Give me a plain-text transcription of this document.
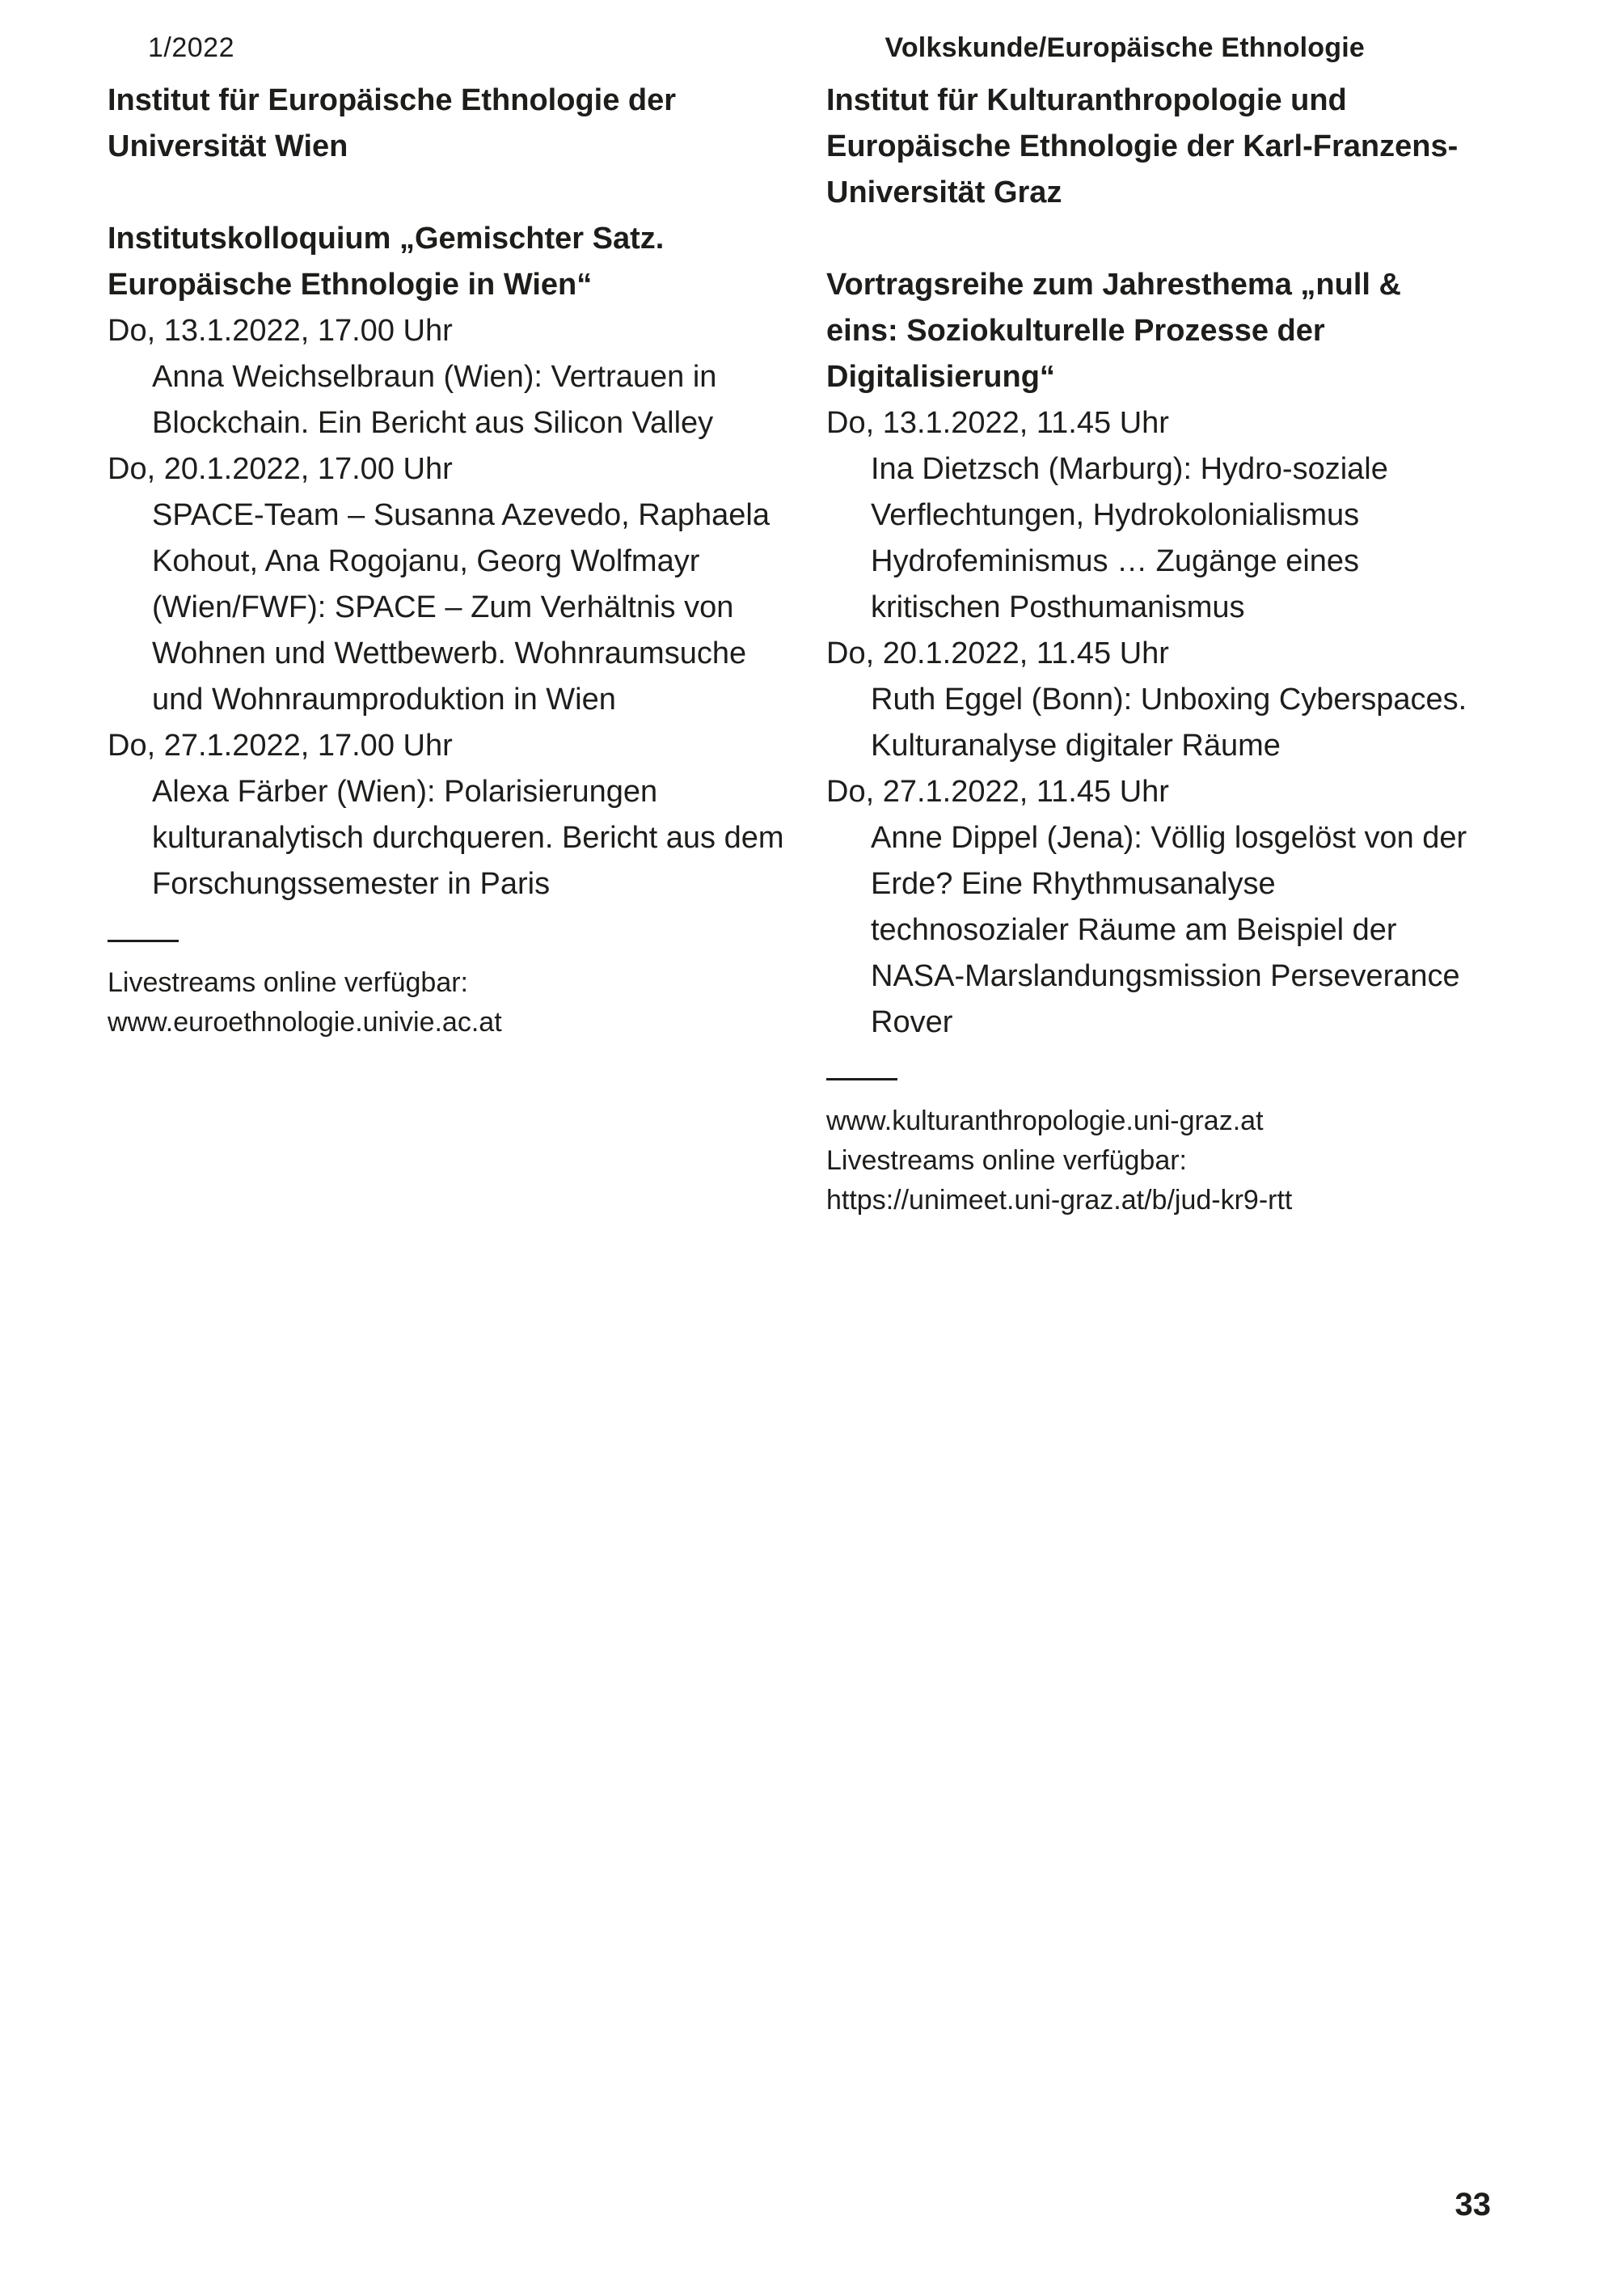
1/2022	Volkskunde/Europäische Ethnologie
Institut für Europäische Ethnologie der Universität Wien
Institutskolloquium „Gemischter Satz. Europäische Ethnologie in Wien“

Do, 13.1.2022, 17.00 Uhr

Anna Weichselbraun (Wien): Vertrauen in Blockchain. Ein Bericht aus Silicon Valley

Do, 20.1.2022, 17.00 Uhr

SPACE-Team – Susanna Azevedo, Raphaela Kohout, Ana Rogojanu, Georg Wolfmayr (Wien/FWF): SPACE – Zum Verhältnis von Wohnen und Wettbewerb. Wohnraumsuche und Wohnraumproduktion in Wien

Do, 27.1.2022, 17.00 Uhr

Alexa Färber (Wien): Polarisierungen kulturanalytisch durchqueren. Bericht aus dem Forschungssemester in Paris

Livestreams online verfügbar:

www.euroethnologie.univie.ac.at

Institut für Kulturanthropologie und Europäische Ethnologie der Karl-Franzens-Universität Graz
Vortragsreihe zum Jahresthema „null & eins: Soziokulturelle Prozesse der Digitalisierung“

Do, 13.1.2022, 11.45 Uhr

Ina Dietzsch (Marburg): Hydro-soziale Verflechtungen, Hydrokolonialismus Hydrofeminismus … Zugänge eines kritischen Posthumanismus

Do, 20.1.2022, 11.45 Uhr

Ruth Eggel (Bonn): Unboxing Cyberspaces. Kulturanalyse digitaler Räume

Do, 27.1.2022, 11.45 Uhr

Anne Dippel (Jena): Völlig losgelöst von der Erde? Eine Rhythmusanalyse technosozialer Räume am Beispiel der NASA-Marslandungsmission Perseverance Rover

www.kulturanthropologie.uni-graz.at

Livestreams online verfügbar:

https://unimeet.uni-graz.at/b/jud-kr9-rtt

33
